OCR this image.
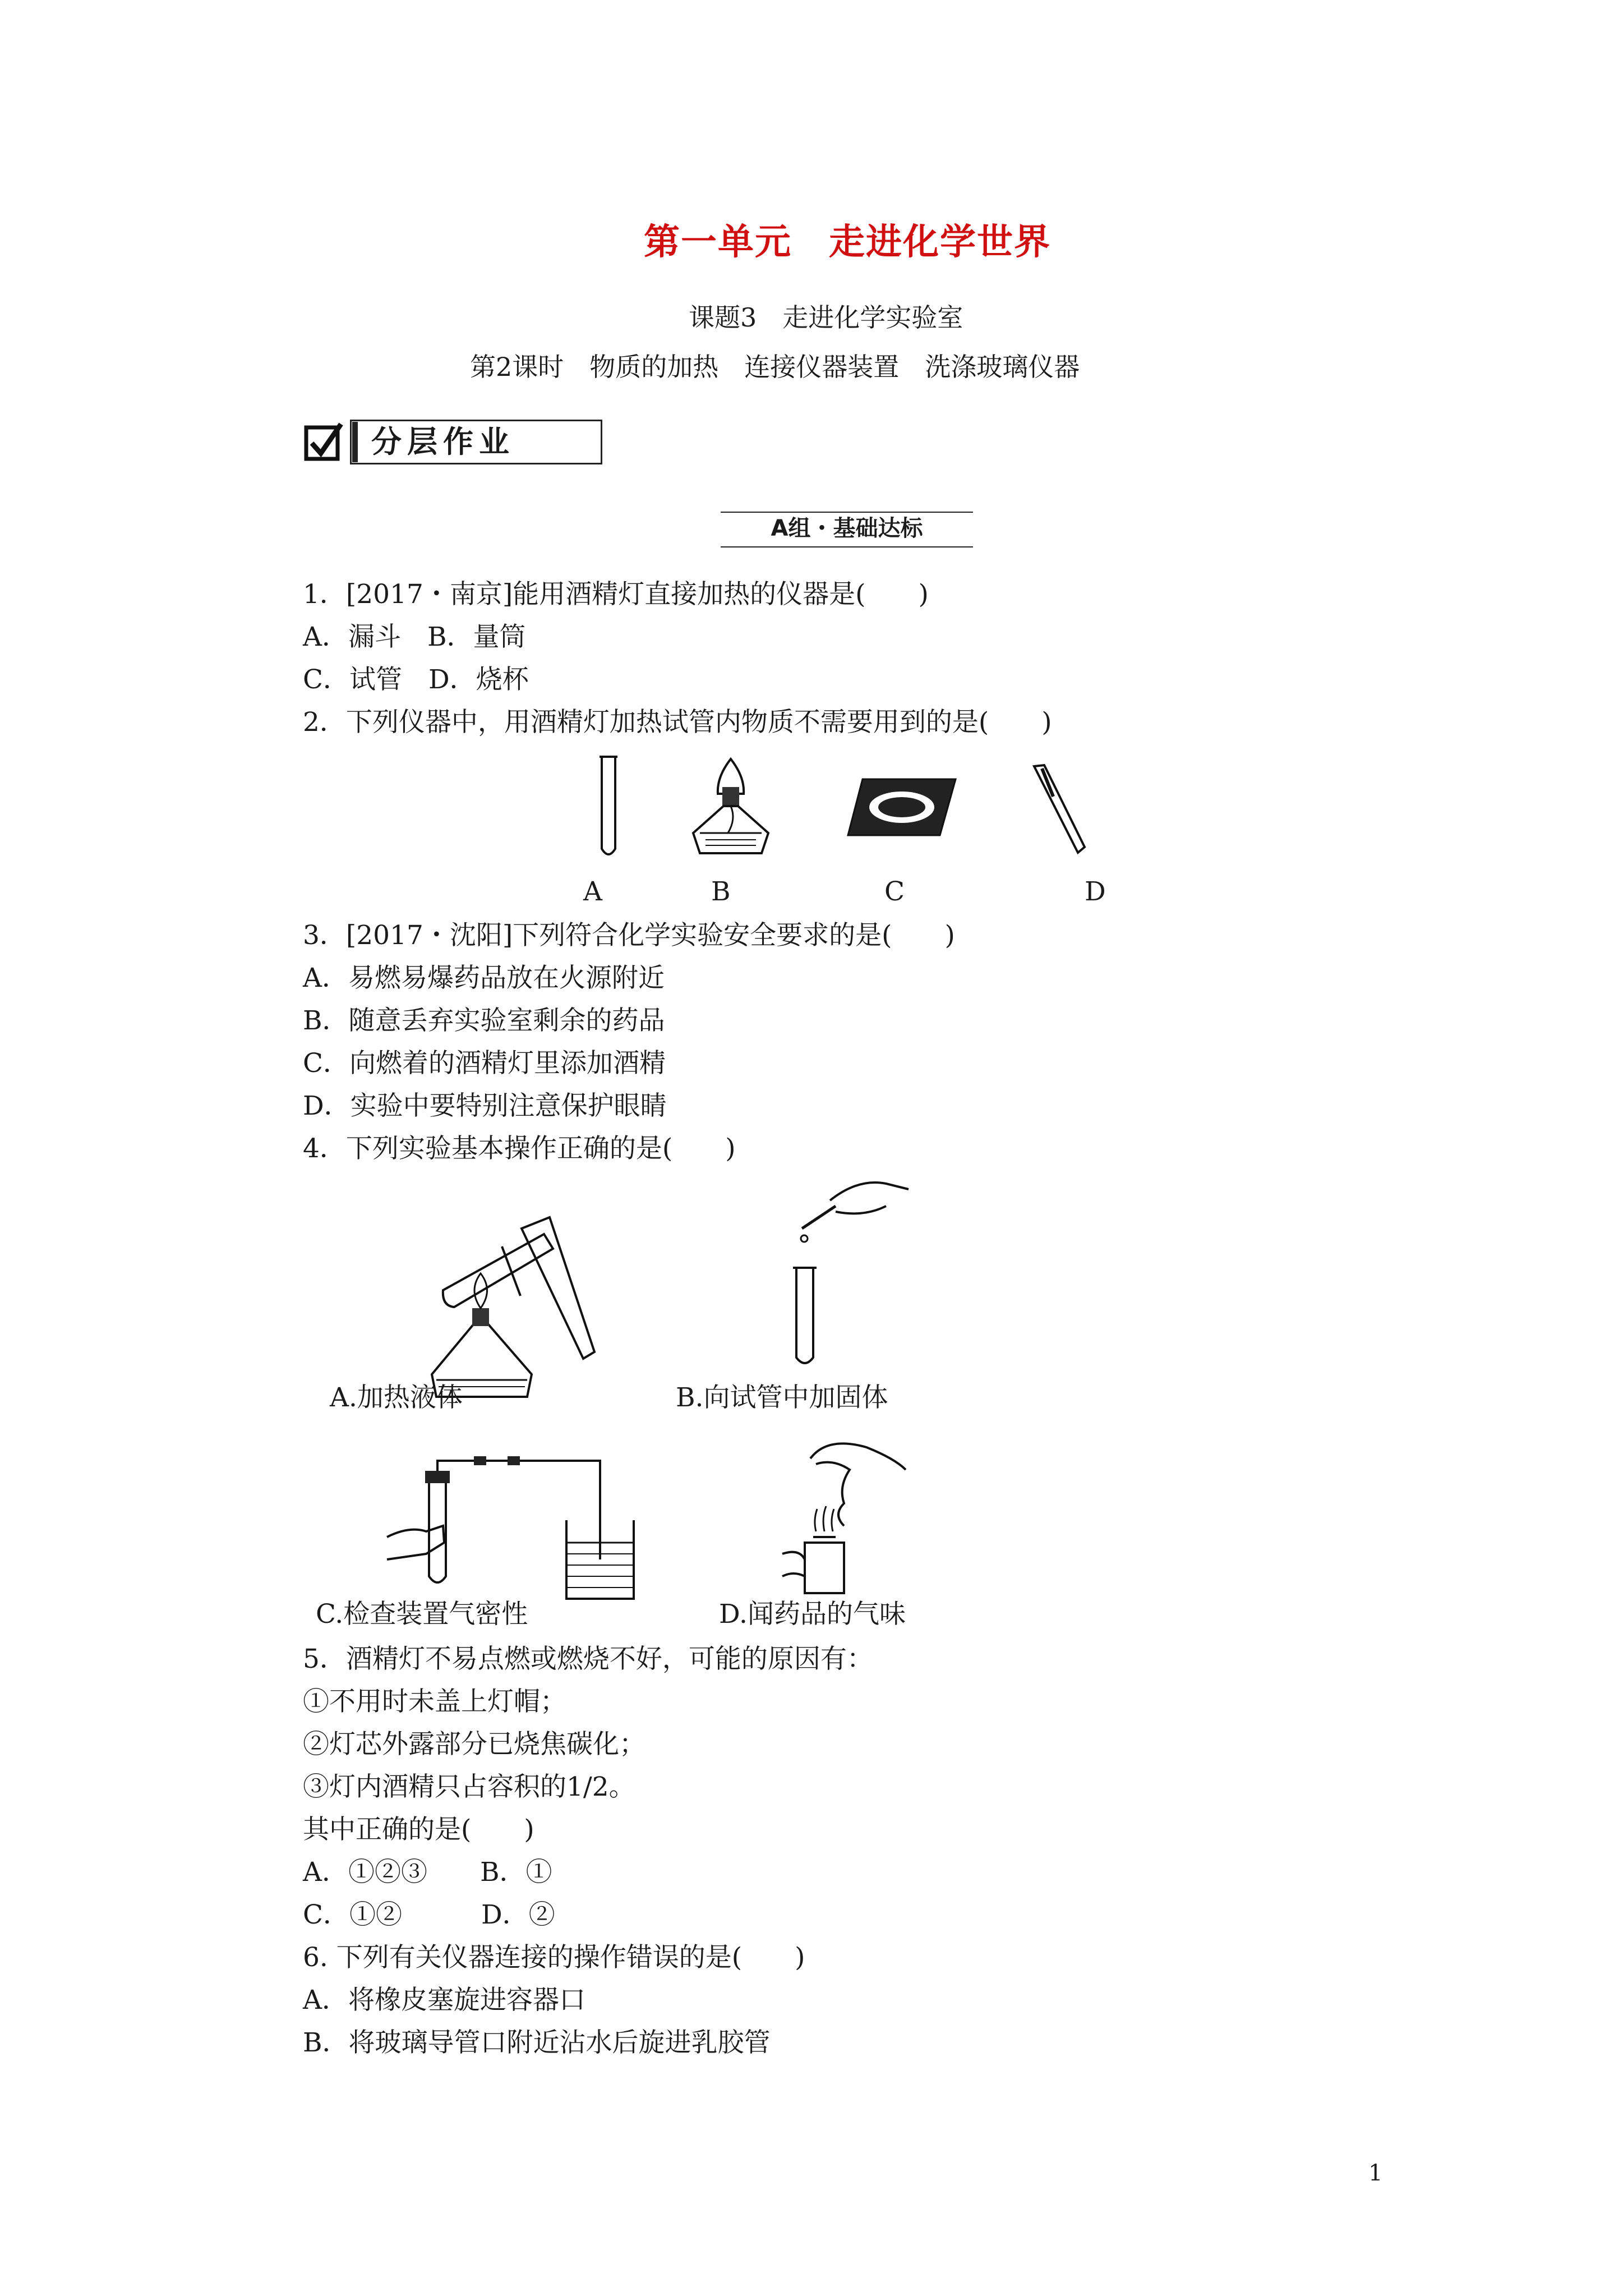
第一单元　走进化学世界
课题3　走进化学实验室
第2课时　物质的加热　连接仪器装置　洗涤玻璃仪器
分层作业
A组・基础达标
1．[2017・南京]能用酒精灯直接加热的仪器是(　　)
A．漏斗　B．量筒
C．试管　D．烧杯
2．下列仪器中，用酒精灯加热试管内物质不需要用到的是(　　)
A	B	C	D
3．[2017・沈阳]下列符合化学实验安全要求的是(　　)
A．易燃易爆药品放在火源附近
B．随意丢弃实验室剩余的药品
C．向燃着的酒精灯里添加酒精
D．实验中要特别注意保护眼睛
4．下列实验基本操作正确的是(　　)
A.加热液体	B.向试管中加固体
C.检查装置气密性	D.闻药品的气味
5．酒精灯不易点燃或燃烧不好，可能的原因有：
①不用时未盖上灯帽；
②灯芯外露部分已烧焦碳化；
③灯内酒精只占容积的1/2。
其中正确的是(　　)
A．①②③　　B．①
C．①②　　　D．②
6. 下列有关仪器连接的操作错误的是(　　)
A．将橡皮塞旋进容器口
B．将玻璃导管口附近沾水后旋进乳胶管
1
